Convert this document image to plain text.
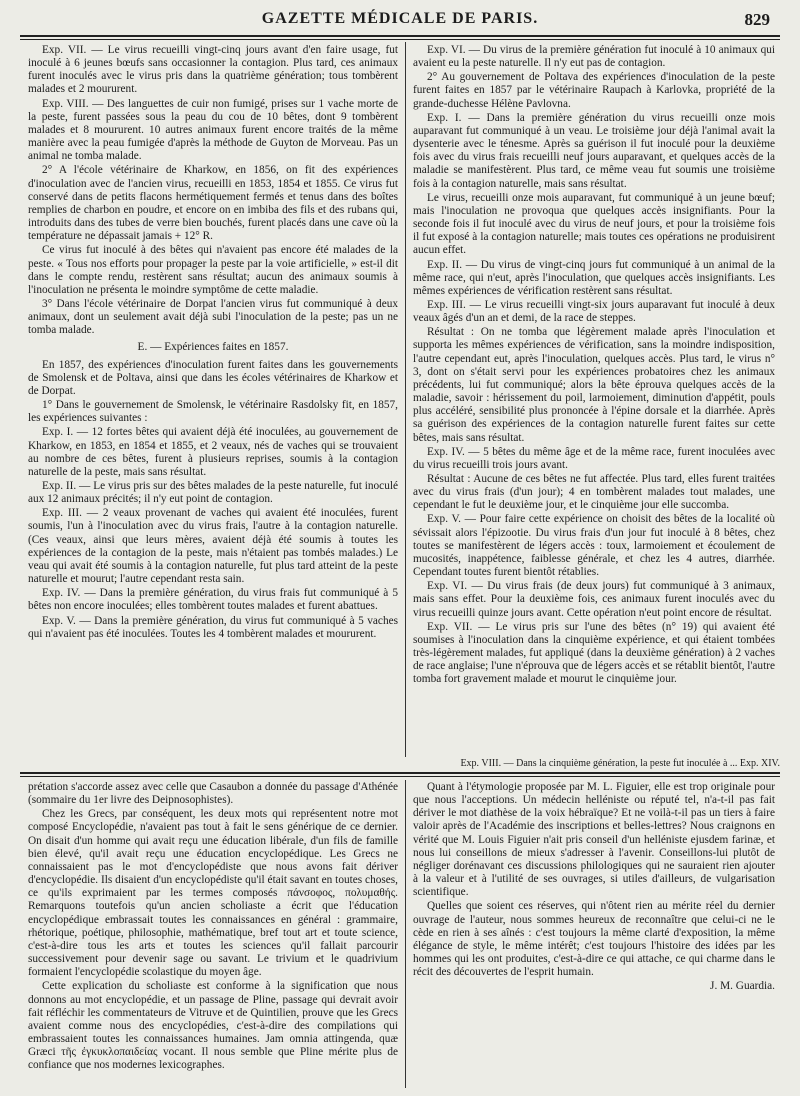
GAZETTE MÉDICALE DE PARIS.	829

Exp. VII. — Le virus recueilli vingt-cinq jours avant d'en faire usage, fut inoculé à 6 jeunes bœufs sans occasionner la contagion. Plus tard, ces animaux furent inoculés avec le virus pris dans la quatrième génération; tous tombèrent malades et 2 moururent.

Exp. VIII. — Des languettes de cuir non fumigé, prises sur 1 vache morte de la peste, furent passées sous la peau du cou de 10 bêtes, dont 9 tombèrent malades et 8 moururent. 10 autres animaux furent encore traités de la même manière avec la peau fumigée d'après la méthode de Guyton de Morveau. Pas un animal ne tomba malade.

2° A l'école vétérinaire de Kharkow, en 1856, on fit des expériences d'inoculation avec de l'ancien virus, recueilli en 1853, 1854 et 1855. Ce virus fut conservé dans de petits flacons hermétiquement fermés et tenus dans des boîtes remplies de charbon en poudre, et encore on en imbiba des fils et des rubans qui, introduits dans des tubes de verre bien bouchés, furent placés dans une cave où la température ne dépassait jamais + 12° R.

Ce virus fut inoculé à des bêtes qui n'avaient pas encore été malades de la peste. « Tous nos efforts pour propager la peste par la voie artificielle, » est-il dit dans le compte rendu, restèrent sans résultat; aucun des animaux soumis à l'inoculation ne présenta le moindre symptôme de cette maladie.

3° Dans l'école vétérinaire de Dorpat l'ancien virus fut communiqué à deux animaux, dont un seulement avait déjà subi l'inoculation de la peste; pas un ne tomba malade.

E. — Expériences faites en 1857.

En 1857, des expériences d'inoculation furent faites dans les gouvernements de Smolensk et de Poltava, ainsi que dans les écoles vétérinaires de Kharkow et de Dorpat.

1° Dans le gouvernement de Smolensk, le vétérinaire Rasdolsky fit, en 1857, les expériences suivantes :

Exp. I. — 12 fortes bêtes qui avaient déjà été inoculées, au gouvernement de Kharkow, en 1853, en 1854 et 1855, et 2 veaux, nés de vaches qui se trouvaient au nombre de ces bêtes, furent à plusieurs reprises, soumis à la contagion naturelle de la peste, mais sans résultat.

Exp. II. — Le virus pris sur des bêtes malades de la peste naturelle, fut inoculé aux 12 animaux précités; il n'y eut point de contagion.

Exp. III. — 2 veaux provenant de vaches qui avaient été inoculées, furent soumis, l'un à l'inoculation avec du virus frais, l'autre à la contagion naturelle. (Ces veaux, ainsi que leurs mères, avaient déjà été soumis à toutes les expériences de la contagion de la peste, mais n'étaient pas tombés malades.) Le veau qui avait été soumis à la contagion naturelle, fut plus tard atteint de la peste naturelle et mourut; l'autre cependant resta sain.

Exp. IV. — Dans la première génération, du virus frais fut communiqué à 5 bêtes non encore inoculées; elles tombèrent toutes malades et furent abattues.

Exp. V. — Dans la première génération, du virus fut communiqué à 5 vaches qui n'avaient pas été inoculées. Toutes les 4 tombèrent malades et moururent.

Exp. VI. — Du virus de la première génération fut inoculé à 10 animaux qui avaient eu la peste naturelle. Il n'y eut pas de contagion.

2° Au gouvernement de Poltava des expériences d'inoculation de la peste furent faites en 1857 par le vétérinaire Raupach à Karlovka, propriété de la grande-duchesse Hélène Pavlovna.

Exp. I. — Dans la première génération du virus recueilli onze mois auparavant fut communiqué à un veau. Le troisième jour déjà l'animal avait la dysenterie avec le ténesme. Après sa guérison il fut inoculé pour la deuxième fois avec du virus frais recueilli neuf jours auparavant, et quelques accès de la maladie se manifestèrent. Plus tard, ce même veau fut soumis une troisième fois à la contagion naturelle, mais sans résultat.

Le virus, recueilli onze mois auparavant, fut communiqué à un jeune bœuf; mais l'inoculation ne provoqua que quelques accès insignifiants. Pour la seconde fois il fut inoculé avec du virus de neuf jours, et pour la troisième fois il fut exposé à la contagion naturelle; mais toutes ces opérations ne produisirent aucun effet.

Exp. II. — Du virus de vingt-cinq jours fut communiqué à un animal de la même race, qui n'eut, après l'inoculation, que quelques accès insignifiants. Les mêmes expériences de vérification restèrent sans résultat.

Exp. III. — Le virus recueilli vingt-six jours auparavant fut inoculé à deux veaux âgés d'un an et demi, de la race de steppes.

Résultat : On ne tomba que légèrement malade après l'inoculation et supporta les mêmes expériences de vérification, sans la moindre indisposition, l'autre cependant eut, après l'inoculation, quelques accès. Plus tard, le virus n° 3, dont on s'était servi pour les expériences probatoires chez les animaux précédents, lui fut communiqué; alors la bête éprouva quelques accès de la maladie, savoir : hérissement du poil, larmoiement, diminution d'appétit, pouls plus accéléré, sensibilité plus prononcée à l'épine dorsale et la diarrhée. Après sa guérison des expériences de la contagion naturelle furent faites sur cette bêtes, mais sans résultat.

Exp. IV. — 5 bêtes du même âge et de la même race, furent inoculées avec du virus recueilli trois jours avant.

Résultat : Aucune de ces bêtes ne fut affectée. Plus tard, elles furent traitées avec du virus frais (d'un jour); 4 en tombèrent malades tout malades, une cependant le fut le deuxième jour, et le cinquième jour elle succomba.

Exp. V. — Pour faire cette expérience on choisit des bêtes de la localité où sévissait alors l'épizootie. Du virus frais d'un jour fut inoculé à 8 bêtes, chez toutes se manifestèrent de légers accès : toux, larmoiement et écoulement de mucosités, inappétence, faiblesse générale, et chez les 4 autres, diarrhée. Cependant toutes furent bientôt rétablies.

Exp. VI. — Du virus frais (de deux jours) fut communiqué à 3 animaux, mais sans effet. Pour la deuxième fois, ces animaux furent inoculés avec du virus recueilli quinze jours avant. Cette opération n'eut point encore de résultat.

Exp. VII. — Le virus pris sur l'une des bêtes (n° 19) qui avaient été soumises à l'inoculation dans la cinquième expérience, et qui étaient tombées très-légèrement malades, fut appliqué (dans la deuxième génération) à 2 vaches de race anglaise; l'une n'éprouva que de légers accès et se rétablit bientôt, l'autre tomba fort gravement malade et mourut le cinquième jour.

Exp. VIII. — Dans la cinquième génération, la peste fut inoculée à ... Exp. XIV.

prétation s'accorde assez avec celle que Casaubon a donnée du passage d'Athénée (sommaire du 1er livre des Deipnosophistes).

Chez les Grecs, par conséquent, les deux mots qui représentent notre mot composé Encyclopédie, n'avaient pas tout à fait le sens générique de ce dernier. On disait d'un homme qui avait reçu une éducation libérale, d'un fils de famille bien élevé, qu'il avait reçu une éducation encyclopédique. Les Grecs ne connaissaient pas le mot d'encyclopédiste que nous avons fait dériver d'encyclopédie. Ils disaient d'un encyclopédiste qu'il était savant en toutes choses, ce qu'ils exprimaient par les termes composés πάνσοφος, πολυμαθής. Remarquons toutefois qu'un ancien scholiaste a écrit que l'éducation encyclopédique embrassait toutes les connaissances en général : grammaire, rhétorique, poétique, philosophie, mathématique, bref tout art et toute science, c'est-à-dire tous les arts et toutes les sciences qu'il fallait parcourir successivement pour devenir sage ou savant. Le trivium et le quadrivium formaient l'encyclopédie scolastique du moyen âge.

Cette explication du scholiaste est conforme à la signification que nous donnons au mot encyclopédie, et un passage de Pline, passage qui devrait avoir fait réfléchir les commentateurs de Vitruve et de Quintilien, prouve que les Grecs avaient comme nous des encyclopédies, c'est-à-dire des compilations qui embrassaient toutes les connaissances humaines. Jam omnia attingenda, quæ Græci τῆς ἐγκυκλοπαιδείας vocant. Il nous semble que Pline mérite plus de confiance que nos modernes lexicographes.

Quant à l'étymologie proposée par M. L. Figuier, elle est trop originale pour que nous l'acceptions. Un médecin helléniste ou réputé tel, n'a-t-il pas fait dériver le mot diathèse de la voix hébraïque? Et ne voilà-t-il pas un tiers à faire valoir après de l'Académie des inscriptions et belles-lettres? Nous craignons en vérité que M. Louis Figuier n'ait pris conseil d'un helléniste ejusdem farinæ, et nous lui conseillons de mieux s'adresser à l'avenir. Conseillons-lui plutôt de négliger dorénavant ces discussions philologiques qui ne sauraient rien ajouter à la valeur et à l'utilité de ses ouvrages, si utiles d'ailleurs, de vulgarisation scientifique.

Quelles que soient ces réserves, qui n'ôtent rien au mérite réel du dernier ouvrage de l'auteur, nous sommes heureux de reconnaître que celui-ci ne le cède en rien à ses aînés : c'est toujours la même clarté d'exposition, la même élégance de style, le même intérêt; c'est toujours l'histoire des idées par les hommes qui les ont produites, c'est-à-dire ce qui attache, ce qui charme dans le récit des découvertes de l'esprit humain.

J. M. Guardia.
